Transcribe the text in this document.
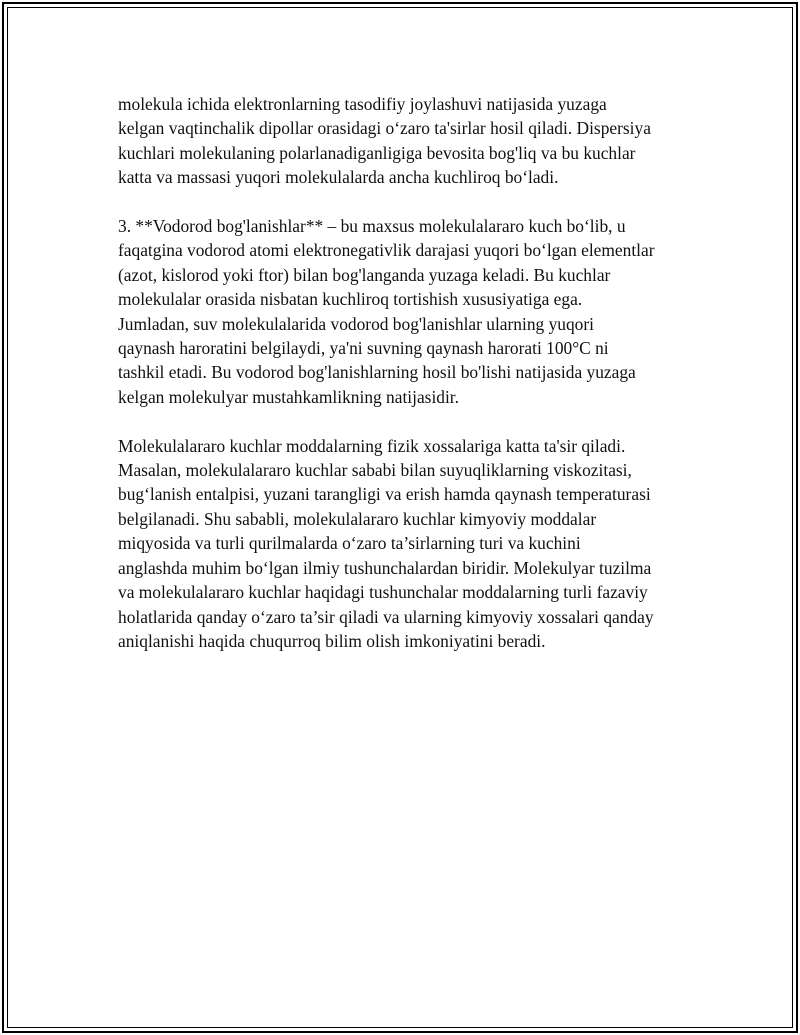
molekula ichida elektronlarning tasodifiy joylashuvi natijasida yuzaga
kelgan vaqtinchalik dipollar orasidagi o‘zaro ta'sirlar hosil qiladi. Dispersiya
kuchlari molekulaning polarlanadiganligiga bevosita bog'liq va bu kuchlar
katta va massasi yuqori molekulalarda ancha kuchliroq bo‘ladi.

3. **Vodorod bog'lanishlar** – bu maxsus molekulalararo kuch bo‘lib, u
faqatgina vodorod atomi elektronegativlik darajasi yuqori bo‘lgan elementlar
(azot, kislorod yoki ftor) bilan bog'langanda yuzaga keladi. Bu kuchlar
molekulalar orasida nisbatan kuchliroq tortishish xususiyatiga ega.
Jumladan, suv molekulalarida vodorod bog'lanishlar ularning yuqori
qaynash haroratini belgilaydi, ya'ni suvning qaynash harorati 100°C ni
tashkil etadi. Bu vodorod bog'lanishlarning hosil bo'lishi natijasida yuzaga
kelgan molekulyar mustahkamlikning natijasidir.

Molekulalararo kuchlar moddalarning fizik xossalariga katta ta'sir qiladi.
Masalan, molekulalararo kuchlar sababi bilan suyuqliklarning viskozitasi,
bug‘lanish entalpisi, yuzani tarangligi va erish hamda qaynash temperaturasi
belgilanadi. Shu sababli, molekulalararo kuchlar kimyoviy moddalar
miqyosida va turli qurilmalarda o‘zaro ta’sirlarning turi va kuchini
anglashda muhim bo‘lgan ilmiy tushunchalardan biridir. Molekulyar tuzilma
va molekulalararo kuchlar haqidagi tushunchalar moddalarning turli fazaviy
holatlarida qanday o‘zaro ta’sir qiladi va ularning kimyoviy xossalari qanday
aniqlanishi haqida chuqurroq bilim olish imkoniyatini beradi.
